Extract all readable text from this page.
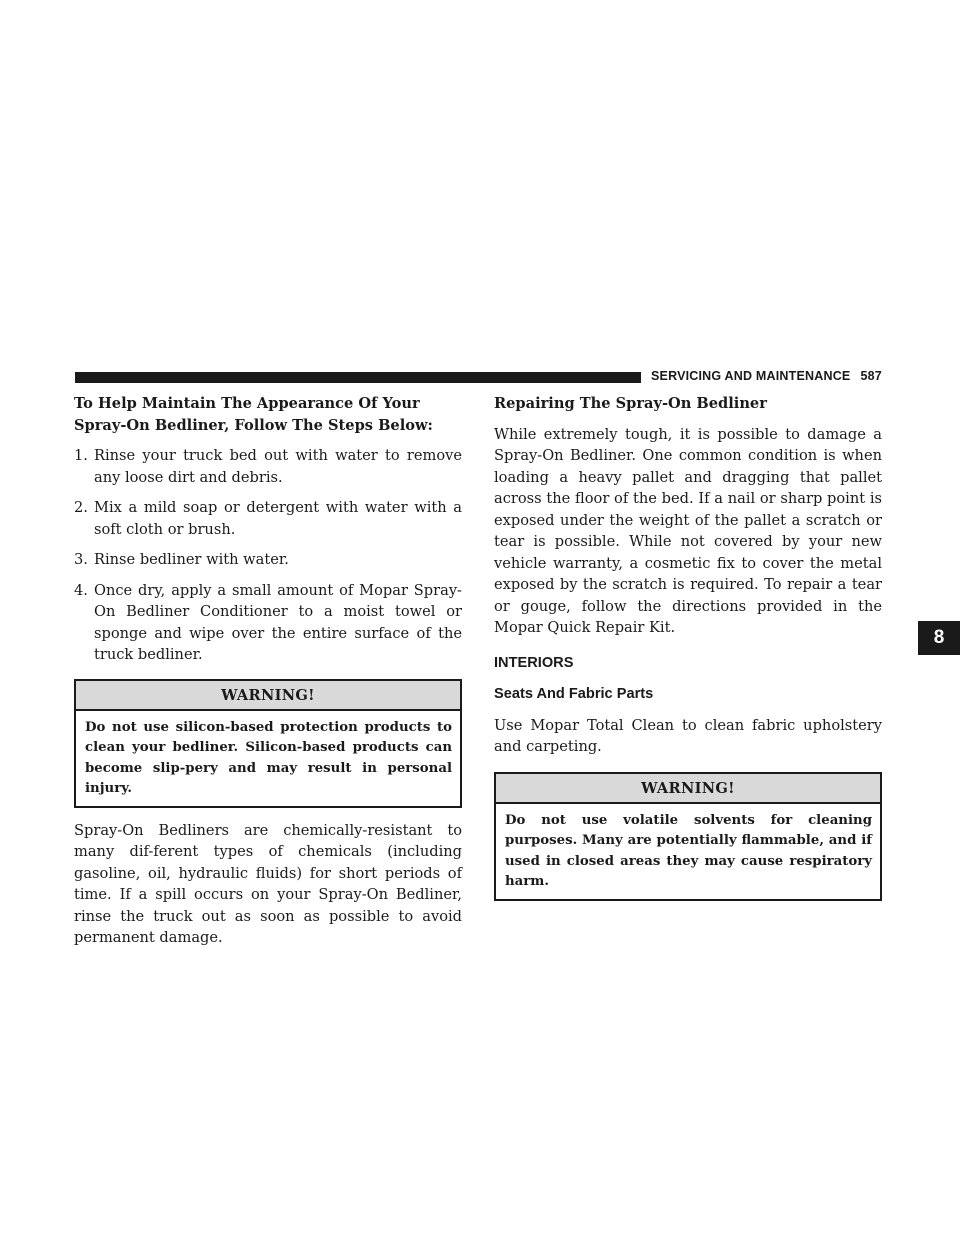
SERVICING AND MAINTENANCE 587
8

To Help Maintain The Appearance Of Your Spray-On Bedliner, Follow The Steps Below:

1. Rinse your truck bed out with water to remove any loose dirt and debris.
2. Mix a mild soap or detergent with water with a soft cloth or brush.
3. Rinse bedliner with water.
4. Once dry, apply a small amount of Mopar Spray-On Bedliner Conditioner to a moist towel or sponge and wipe over the entire surface of the truck bedliner.
WARNING!
Do not use silicon-based protection products to clean your bedliner. Silicon-based products can become slip-pery and may result in personal injury.

Spray-On Bedliners are chemically-resistant to many dif-ferent types of chemicals (including gasoline, oil, hydraulic fluids) for short periods of time. If a spill occurs on your Spray-On Bedliner, rinse the truck out as soon as possible to avoid permanent damage.

Repairing The Spray-On Bedliner

While extremely tough, it is possible to damage a Spray-On Bedliner. One common condition is when loading a heavy pallet and dragging that pallet across the floor of the bed. If a nail or sharp point is exposed under the weight of the pallet a scratch or tear is possible. While not covered by your new vehicle warranty, a cosmetic fix to cover the metal exposed by the scratch is required. To repair a tear or gouge, follow the directions provided in the Mopar Quick Repair Kit.

INTERIORS
Seats And Fabric Parts

Use Mopar Total Clean to clean fabric upholstery and carpeting.

WARNING!
Do not use volatile solvents for cleaning purposes. Many are potentially flammable, and if used in closed areas they may cause respiratory harm.
